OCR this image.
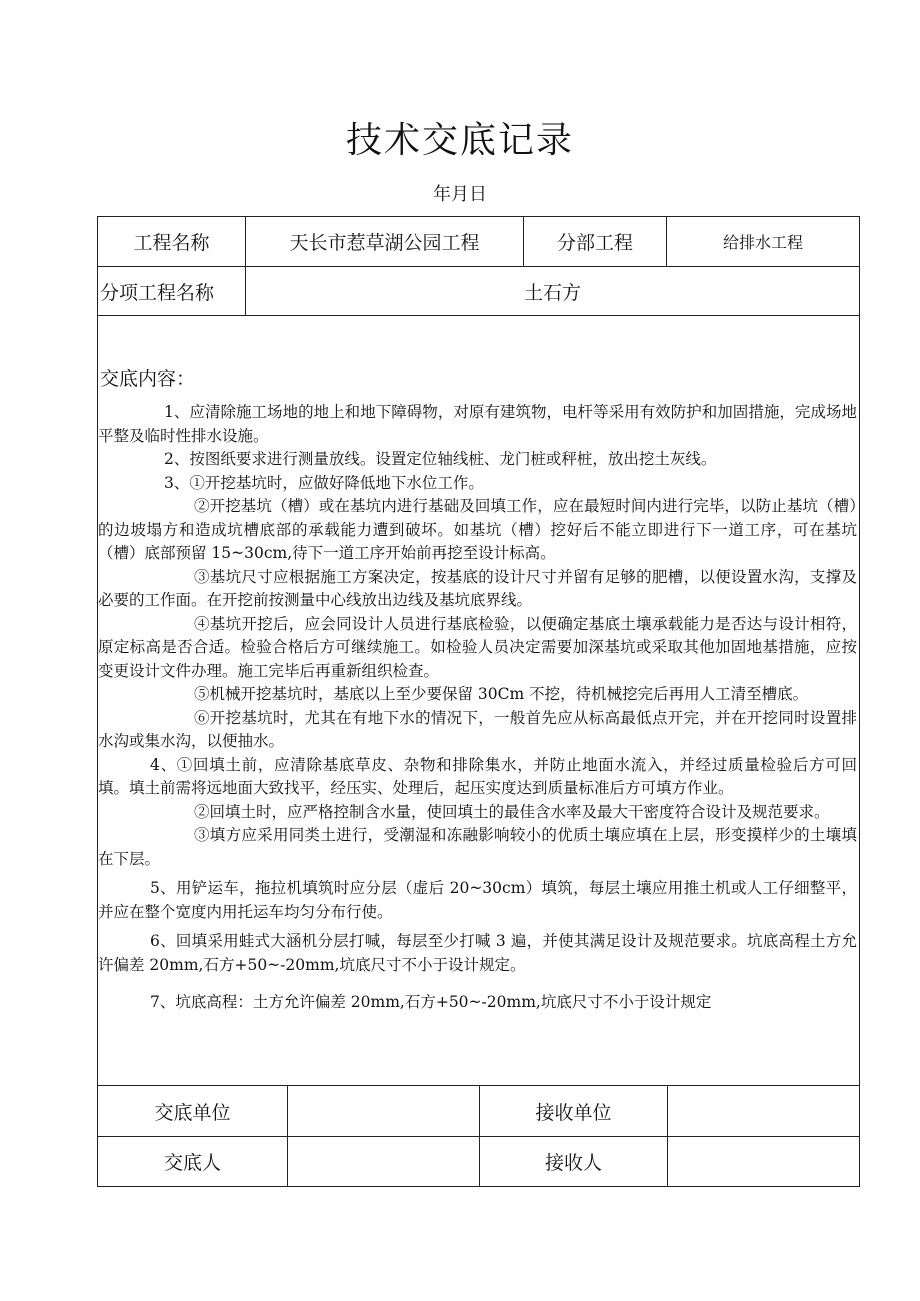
技术交底记录
年月日
工程名称	天长市惹草湖公园工程	分部工程	给排水工程
分项工程名称	土石方
交底内容：

1、应清除施工场地的地上和地下障碍物，对原有建筑物，电杆等采用有效防护和加固措施，完成场地平整及临时性排水设施。

2、按图纸要求进行测量放线。设置定位轴线桩、龙门桩或秤桩，放出挖土灰线。

3、①开挖基坑时，应做好降低地下水位工作。

②开挖基坑（槽）或在基坑内进行基础及回填工作，应在最短时间内进行完毕，以防止基坑（槽）的边坡塌方和造成坑槽底部的承载能力遭到破坏。如基坑（槽）挖好后不能立即进行下一道工序，可在基坑（槽）底部预留 15~30cm,待下一道工序开始前再挖至设计标高。

③基坑尺寸应根据施工方案决定，按基底的设计尺寸并留有足够的肥槽，以便设置水沟，支撑及必要的工作面。在开挖前按测量中心线放出边线及基坑底界线。

④基坑开挖后，应会同设计人员进行基底检验，以便确定基底土壤承载能力是否达与设计相符，原定标高是否合适。检验合格后方可继续施工。如检验人员决定需要加深基坑或采取其他加固地基措施，应按变更设计文件办理。施工完毕后再重新组织检查。

⑤机械开挖基坑时，基底以上至少要保留 30Cm 不挖，待机械挖完后再用人工清至槽底。

⑥开挖基坑时，尤其在有地下水的情况下，一般首先应从标高最低点开完，并在开挖同时设置排水沟或集水沟，以便抽水。

4、①回填土前，应清除基底草皮、杂物和排除集水，并防止地面水流入，并经过质量检验后方可回填。填土前需将远地面大致找平，经压实、处理后，起压实度达到质量标准后方可填方作业。

②回填土时，应严格控制含水量，使回填土的最佳含水率及最大干密度符合设计及规范要求。

③填方应采用同类土进行，受潮湿和冻融影响较小的优质土壤应填在上层，形变摸样少的土壤填在下层。

5、用铲运车，拖拉机填筑时应分层（虚后 20~30cm）填筑，每层土壤应用推土机或人工仔细整平，并应在整个宽度内用托运车均匀分布行使。

6、回填采用蛙式大涵机分层打喊，每层至少打喊 3 遍，并使其满足设计及规范要求。坑底高程土方允许偏差 20mm,石方+50~-20mm,坑底尺寸不小于设计规定。

7、坑底高程：土方允许偏差 20mm,石方+50~-20mm,坑底尺寸不小于设计规定

交底单位	接收单位
交底人	接收人
